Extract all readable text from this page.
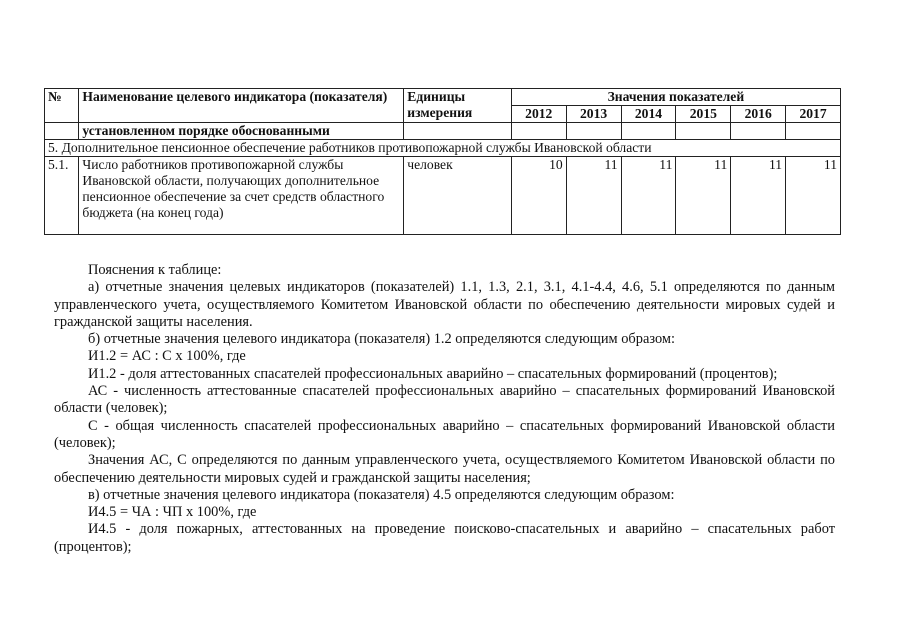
№	Наименование целевого индикатора (показателя)	Единицы измерения	Значения показателей					
			2012	2013	2014	2015	2016	2017
	установленном порядке обоснованными							
5. Дополнительное пенсионное обеспечение работников противопожарной службы Ивановской области								
5.1.	Число работников противопожарной службы Ивановской области, получающих дополнительное пенсионное обеспечение за счет средств областного бюджета (на конец года)	человек	10	11	11	11	11	11

Пояснения к таблице:

а) отчетные значения целевых индикаторов (показателей) 1.1, 1.3, 2.1, 3.1, 4.1-4.4, 4.6, 5.1 определяются по данным управленческого учета, осуществляемого Комитетом Ивановской области по обеспечению деятельности мировых судей и гражданской защиты населения.

б) отчетные значения целевого индикатора (показателя) 1.2 определяются следующим образом:

И1.2 = АС : С х 100%, где

И1.2 - доля аттестованных спасателей профессиональных аварийно – спасательных формирований (процентов);

АС - численность аттестованные спасателей профессиональных аварийно – спасательных формирований Ивановской области (человек);

С - общая численность спасателей профессиональных аварийно – спасательных формирований Ивановской области (человек);

Значения АС, С определяются по данным управленческого учета, осуществляемого Комитетом Ивановской области по обеспечению деятельности мировых судей и гражданской защиты населения;

в) отчетные значения целевого индикатора (показателя) 4.5 определяются следующим образом:

И4.5 = ЧА : ЧП х 100%, где

И4.5 - доля пожарных, аттестованных на проведение поисково-спасательных и аварийно – спасательных работ (процентов);
